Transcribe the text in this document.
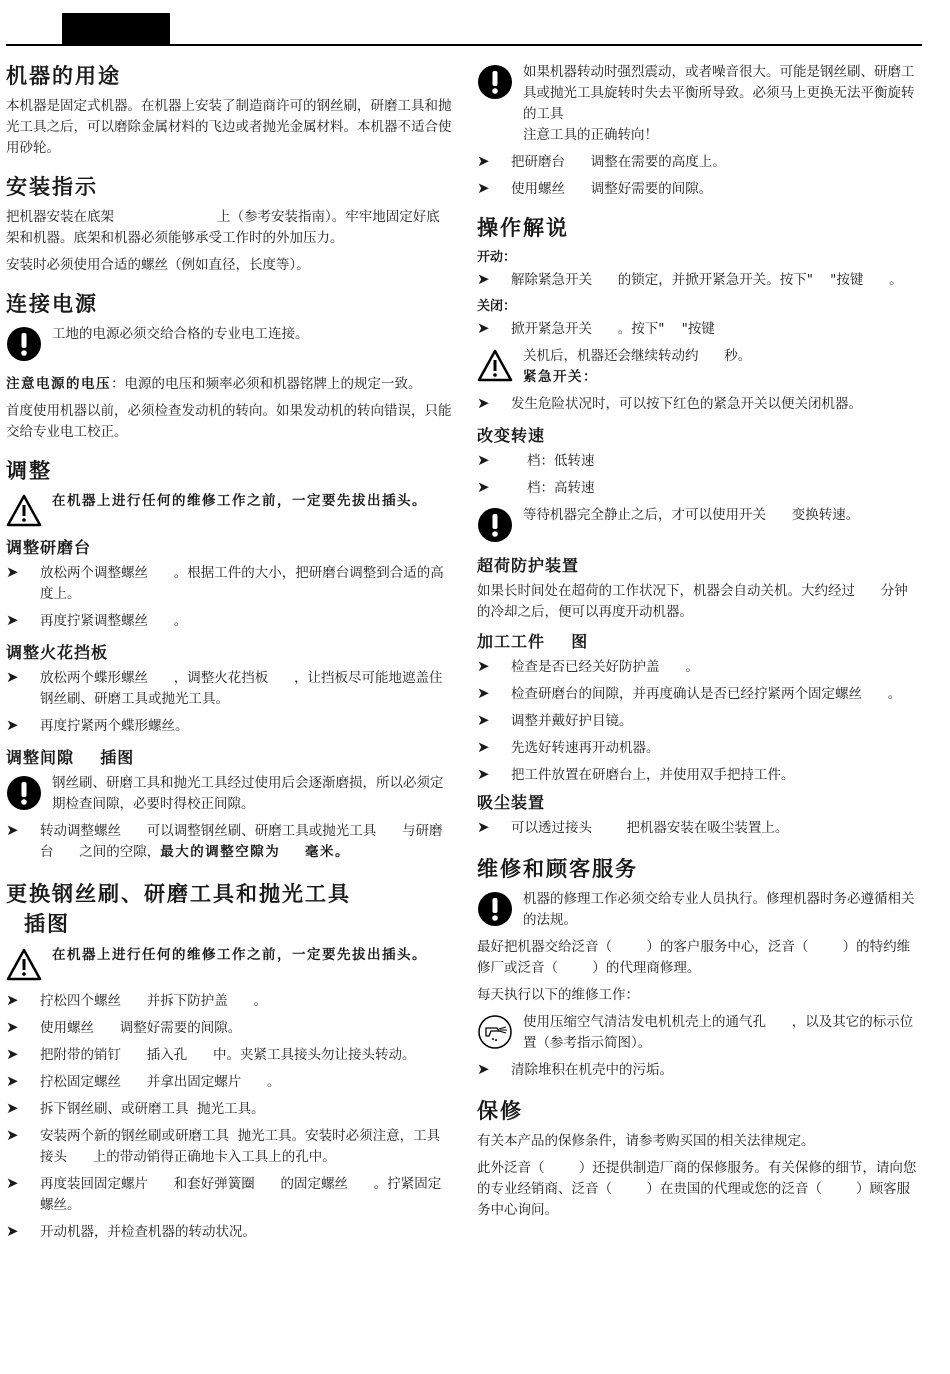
机器的用途

本机器是固定式机器。在机器上安装了制造商许可的钢丝刷，研磨工具和抛光工具之后，可以磨除金属材料的飞边或者抛光金属材料。本机器不适合使用砂轮。

安装指示

把机器安装在底架                        上（参考安装指南）。牢牢地固定好底架和机器。底架和机器必须能够承受工作时的外加压力。

安装时必须使用合适的螺丝（例如直径，长度等）。

连接电源
工地的电源必须交给合格的专业电工连接。

注意电源的电压：电源的电压和频率必须和机器铭牌上的规定一致。

首度使用机器以前，必须检查发动机的转向。如果发动机的转向错误，只能交给专业电工校正。

调整
在机器上进行任何的维修工作之前，一定要先拔出插头。
调整研磨台
➤ 放松两个调整螺丝      。根据工件的大小，把研磨台调整到合适的高度上。
➤ 再度拧紧调整螺丝      。
调整火花挡板
➤ 放松两个蝶形螺丝      ，调整火花挡板      ，让挡板尽可能地遮盖住钢丝刷、研磨工具或抛光工具。
➤ 再度拧紧两个蝶形螺丝。
调整间隙    插图
钢丝刷、研磨工具和抛光工具经过使用后会逐渐磨损，所以必须定期检查间隙，必要时得校正间隙。
➤ 转动调整螺丝      可以调整钢丝刷、研磨工具或抛光工具      与研磨台      之间的空隙，最大的调整空隙为    毫米。
更换钢丝刷、研磨工具和抛光工具
插图
在机器上进行任何的维修工作之前，一定要先拔出插头。
➤ 拧松四个螺丝      并拆下防护盖      。
➤ 使用螺丝      调整好需要的间隙。
➤ 把附带的销钉      插入孔      中。夹紧工具接头勿让接头转动。
➤ 拧松固定螺丝      并拿出固定螺片      。
➤ 拆下钢丝刷、或研磨工具  抛光工具。
➤ 安装两个新的钢丝刷或研磨工具  抛光工具。安装时必须注意，工具接头      上的带动销得正确地卡入工具上的孔中。
➤ 再度装回固定螺片      和套好弹簧圈      的固定螺丝      。拧紧固定螺丝。
➤ 开动机器，并检查机器的转动状况。
如果机器转动时强烈震动，或者噪音很大。可能是钢丝刷、研磨工具或抛光工具旋转时失去平衡所导致。必须马上更换无法平衡旋转的工具
注意工具的正确转向！
➤ 把研磨台      调整在需要的高度上。
➤ 使用螺丝      调整好需要的间隙。
操作解说
开动：
➤ 解除紧急开关      的锁定，并掀开紧急开关。按下"    "按键      。
关闭：
➤ 掀开紧急开关      。按下"    "按键
关机后，机器还会继续转动约      秒。
紧急开关：
➤ 发生危险状况时，可以按下红色的紧急开关以便关闭机器。
改变转速
➤	档：低转速
➤	档：高转速
等待机器完全静止之后，才可以使用开关      变换转速。
超荷防护装置

如果长时间处在超荷的工作状况下，机器会自动关机。大约经过      分钟的冷却之后，便可以再度开动机器。

加工工件    图
➤ 检查是否已经关好防护盖      。
➤ 检查研磨台的间隙，并再度确认是否已经拧紧两个固定螺丝      。
➤ 调整并戴好护目镜。
➤ 先选好转速再开动机器。
➤ 把工件放置在研磨台上，并使用双手把持工件。
吸尘装置
➤ 可以透过接头        把机器安装在吸尘装置上。
维修和顾客服务
机器的修理工作必须交给专业人员执行。修理机器时务必遵循相关的法规。

最好把机器交给泛音（        ）的客户服务中心，泛音（        ）的特约维修厂或泛音（        ）的代理商修理。

每天执行以下的维修工作：

使用压缩空气清洁发电机机壳上的通气孔      ，以及其它的标示位置（参考指示简图）。
➤ 清除堆积在机壳中的污垢。
保修

有关本产品的保修条件，请参考购买国的相关法律规定。

此外泛音（        ）还提供制造厂商的保修服务。有关保修的细节，请向您的专业经销商、泛音（        ）在贵国的代理或您的泛音（        ）顾客服务中心询问。
